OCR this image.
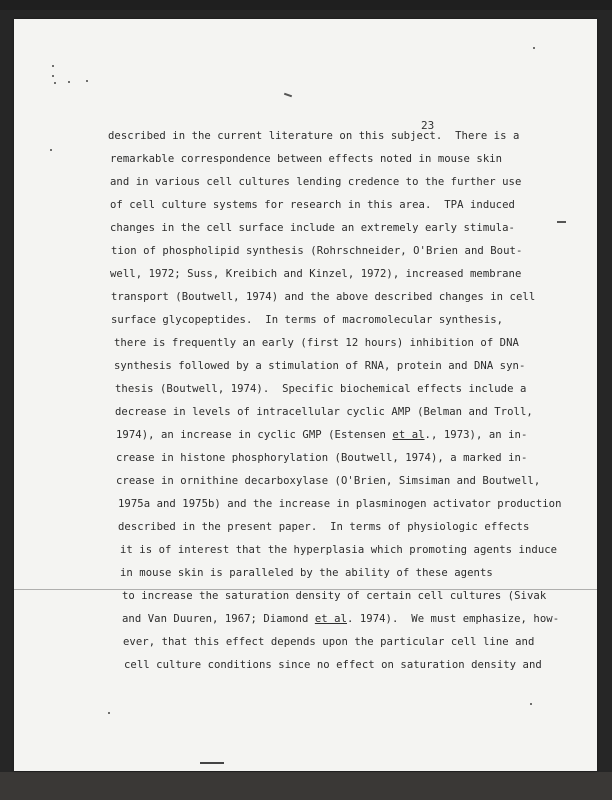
23
described in the current literature on this subject.  There is a
remarkable correspondence between effects noted in mouse skin
and in various cell cultures lending credence to the further use
of cell culture systems for research in this area.  TPA induced
changes in the cell surface include an extremely early stimula-
tion of phospholipid synthesis (Rohrschneider, O'Brien and Bout-
well, 1972; Suss, Kreibich and Kinzel, 1972), increased membrane
transport (Boutwell, 1974) and the above described changes in cell
surface glycopeptides.  In terms of macromolecular synthesis,
there is frequently an early (first 12 hours) inhibition of DNA
synthesis followed by a stimulation of RNA, protein and DNA syn-
thesis (Boutwell, 1974).  Specific biochemical effects include a
decrease in levels of intracellular cyclic AMP (Belman and Troll,
1974), an increase in cyclic GMP (Estensen et al., 1973), an in-
crease in histone phosphorylation (Boutwell, 1974), a marked in-
crease in ornithine decarboxylase (O'Brien, Simsiman and Boutwell,
1975a and 1975b) and the increase in plasminogen activator production
described in the present paper.  In terms of physiologic effects
it is of interest that the hyperplasia which promoting agents induce
in mouse skin is paralleled by the ability of these agents
to increase the saturation density of certain cell cultures (Sivak
and Van Duuren, 1967; Diamond et al. 1974).  We must emphasize, how-
ever, that this effect depends upon the particular cell line and
cell culture conditions since no effect on saturation density and
